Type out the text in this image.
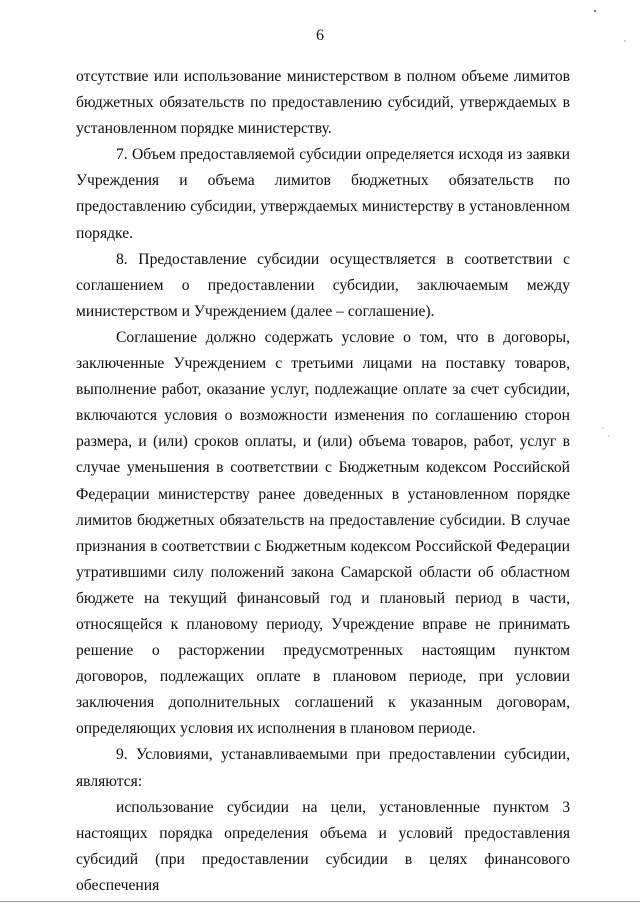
6

отсутствие или использование министерством в полном объеме лимитов бюджетных обязательств по предоставлению субсидий, утверждаемых в установленном порядке министерству.

7. Объем предоставляемой субсидии определяется исходя из заявки Учреждения и объема лимитов бюджетных обязательств по предоставлению субсидии, утверждаемых министерству в установленном порядке.

8. Предоставление субсидии осуществляется в соответствии с соглашением о предоставлении субсидии, заключаемым между министерством и Учреждением (далее – соглашение).

Соглашение должно содержать условие о том, что в договоры, заключенные Учреждением с третьими лицами на поставку товаров, выполнение работ, оказание услуг, подлежащие оплате за счет субсидии, включаются условия о возможности изменения по соглашению сторон размера, и (или) сроков оплаты, и (или) объема товаров, работ, услуг в случае уменьшения в соответствии с Бюджетным кодексом Российской Федерации министерству ранее доведенных в установленном порядке лимитов бюджетных обязательств на предоставление субсидии. В случае признания в соответствии с Бюджетным кодексом Российской Федерации утратившими силу положений закона Самарской области об областном бюджете на текущий финансовый год и плановый период в части, относящейся к плановому периоду, Учреждение вправе не принимать решение о расторжении предусмотренных настоящим пунктом договоров, подлежащих оплате в плановом периоде, при условии заключения дополнительных соглашений к указанным договорам, определяющих условия их исполнения в плановом периоде.

9. Условиями, устанавливаемыми при предоставлении субсидии, являются:

использование субсидии на цели, установленные пунктом 3 настоящих порядка определения объема и условий предоставления субсидий (при предоставлении субсидии в целях финансового обеспечения
